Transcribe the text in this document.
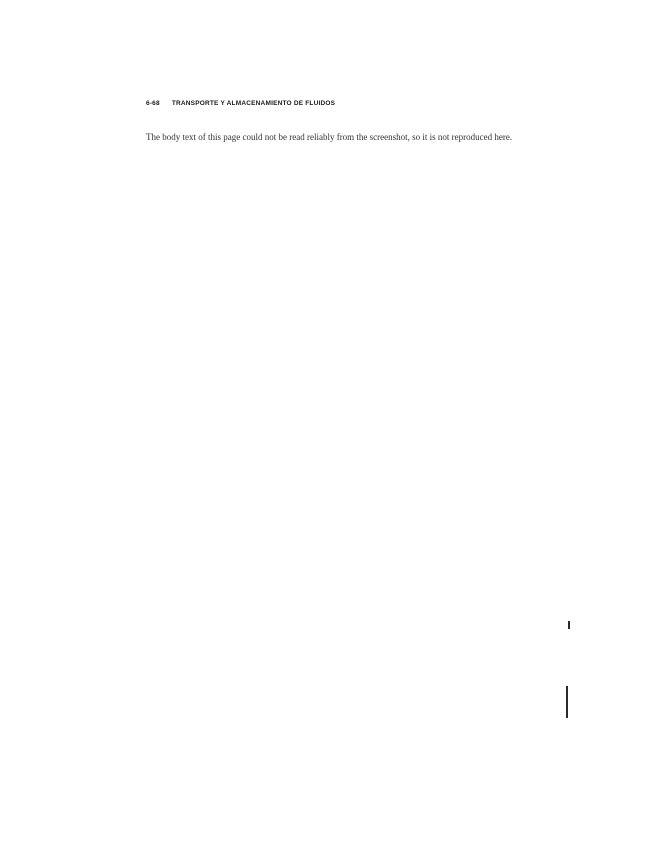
6-68 TRANSPORTE Y ALMACENAMIENTO DE FLUIDOS

The body text of this page could not be read reliably from the screenshot, so it is not reproduced here.
